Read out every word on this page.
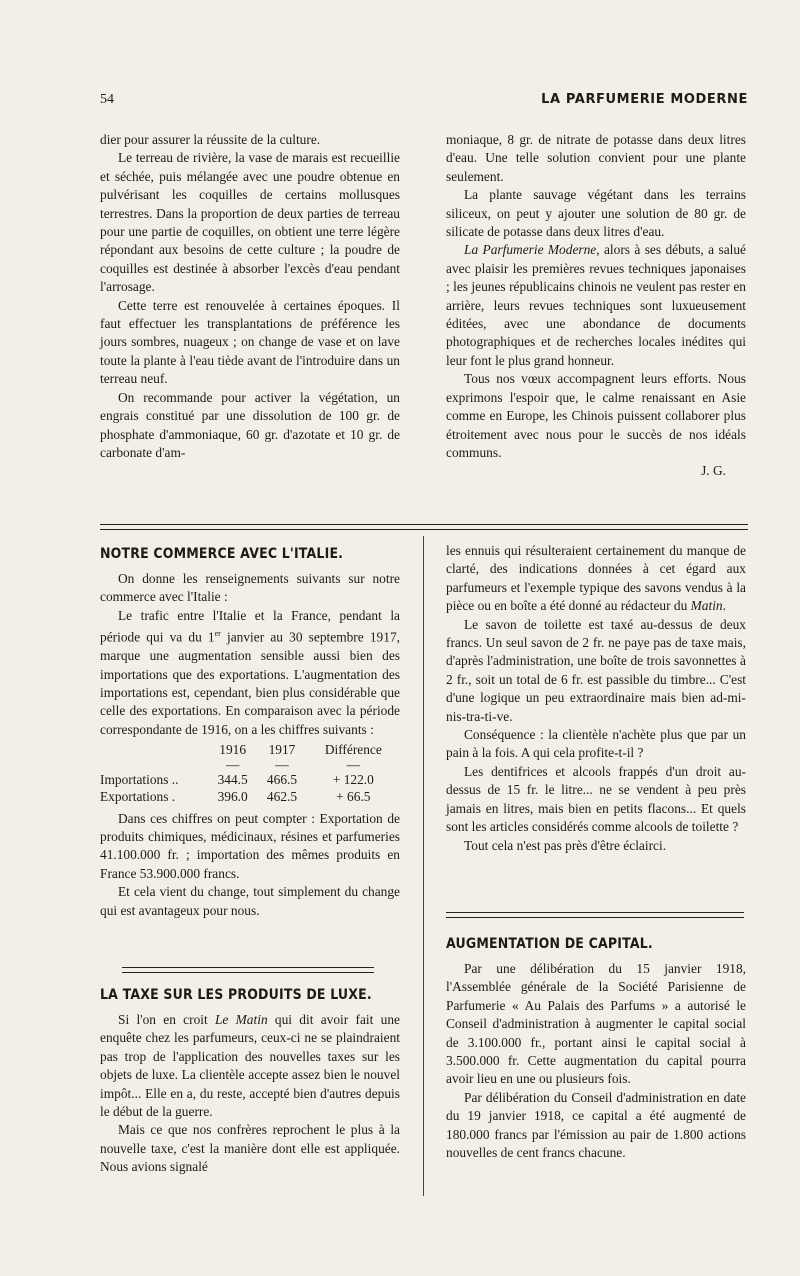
54	LA PARFUMERIE MODERNE

dier pour assurer la réussite de la culture.

Le terreau de rivière, la vase de marais est recueillie et séchée, puis mélangée avec une poudre obtenue en pulvérisant les coquilles de certains mollusques terrestres. Dans la proportion de deux parties de terreau pour une partie de coquilles, on obtient une terre légère répondant aux besoins de cette culture ; la poudre de coquilles est destinée à absorber l'excès d'eau pendant l'arrosage.

Cette terre est renouvelée à certaines époques. Il faut effectuer les transplantations de préférence les jours sombres, nuageux ; on change de vase et on lave toute la plante à l'eau tiède avant de l'introduire dans un terreau neuf.

On recommande pour activer la végétation, un engrais constitué par une dissolution de 100 gr. de phosphate d'ammoniaque, 60 gr. d'azotate et 10 gr. de carbonate d'am-

moniaque, 8 gr. de nitrate de potasse dans deux litres d'eau. Une telle solution convient pour une plante seulement.

La plante sauvage végétant dans les terrains siliceux, on peut y ajouter une solution de 80 gr. de silicate de potasse dans deux litres d'eau.

La Parfumerie Moderne, alors à ses débuts, a salué avec plaisir les premières revues techniques japonaises ; les jeunes républicains chinois ne veulent pas rester en arrière, leurs revues techniques sont luxueusement éditées, avec une abondance de documents photographiques et de recherches locales inédites qui leur font le plus grand honneur.

Tous nos vœux accompagnent leurs efforts. Nous exprimons l'espoir que, le calme renaissant en Asie comme en Europe, les Chinois puissent collaborer plus étroitement avec nous pour le succès de nos idéals communs.

J. G.
NOTRE COMMERCE AVEC L'ITALIE.

On donne les renseignements suivants sur notre commerce avec l'Italie :

Le trafic entre l'Italie et la France, pendant la période qui va du 1er janvier au 30 septembre 1917, marque une augmentation sensible aussi bien des importations que des exportations. L'augmentation des importations est, cependant, bien plus considérable que celle des exportations. En comparaison avec la période correspondante de 1916, on a les chiffres suivants :

	1916	1917	Différence
	—	—	—
Importations ..	344.5	466.5	+ 122.0
Exportations .	396.0	462.5	+ 66.5

Dans ces chiffres on peut compter : Exportation de produits chimiques, médicinaux, résines et parfumeries 41.100.000 fr. ; importation des mêmes produits en France 53.900.000 francs.

Et cela vient du change, tout simplement du change qui est avantageux pour nous.

LA TAXE SUR LES PRODUITS DE LUXE.

Si l'on en croit Le Matin qui dit avoir fait une enquête chez les parfumeurs, ceux-ci ne se plaindraient pas trop de l'application des nouvelles taxes sur les objets de luxe. La clientèle accepte assez bien le nouvel impôt... Elle en a, du reste, accepté bien d'autres depuis le début de la guerre.

Mais ce que nos confrères reprochent le plus à la nouvelle taxe, c'est la manière dont elle est appliquée. Nous avions signalé

les ennuis qui résulteraient certainement du manque de clarté, des indications données à cet égard aux parfumeurs et l'exemple typique des savons vendus à la pièce ou en boîte a été donné au rédacteur du Matin.

Le savon de toilette est taxé au-dessus de deux francs. Un seul savon de 2 fr. ne paye pas de taxe mais, d'après l'administration, une boîte de trois savonnettes à 2 fr., soit un total de 6 fr. est passible du timbre... C'est d'une logique un peu extraordinaire mais bien ad-mi-nis-tra-ti-ve.

Conséquence : la clientèle n'achète plus que par un pain à la fois. A qui cela profite-t-il ?

Les dentifrices et alcools frappés d'un droit au-dessus de 15 fr. le litre... ne se vendent à peu près jamais en litres, mais bien en petits flacons... Et quels sont les articles considérés comme alcools de toilette ?

Tout cela n'est pas près d'être éclairci.

AUGMENTATION DE CAPITAL.

Par une délibération du 15 janvier 1918, l'Assemblée générale de la Société Parisienne de Parfumerie « Au Palais des Parfums » a autorisé le Conseil d'administration à augmenter le capital social de 3.100.000 fr., portant ainsi le capital social à 3.500.000 fr. Cette augmentation du capital pourra avoir lieu en une ou plusieurs fois.

Par délibération du Conseil d'administration en date du 19 janvier 1918, ce capital a été augmenté de 180.000 francs par l'émission au pair de 1.800 actions nouvelles de cent francs chacune.
